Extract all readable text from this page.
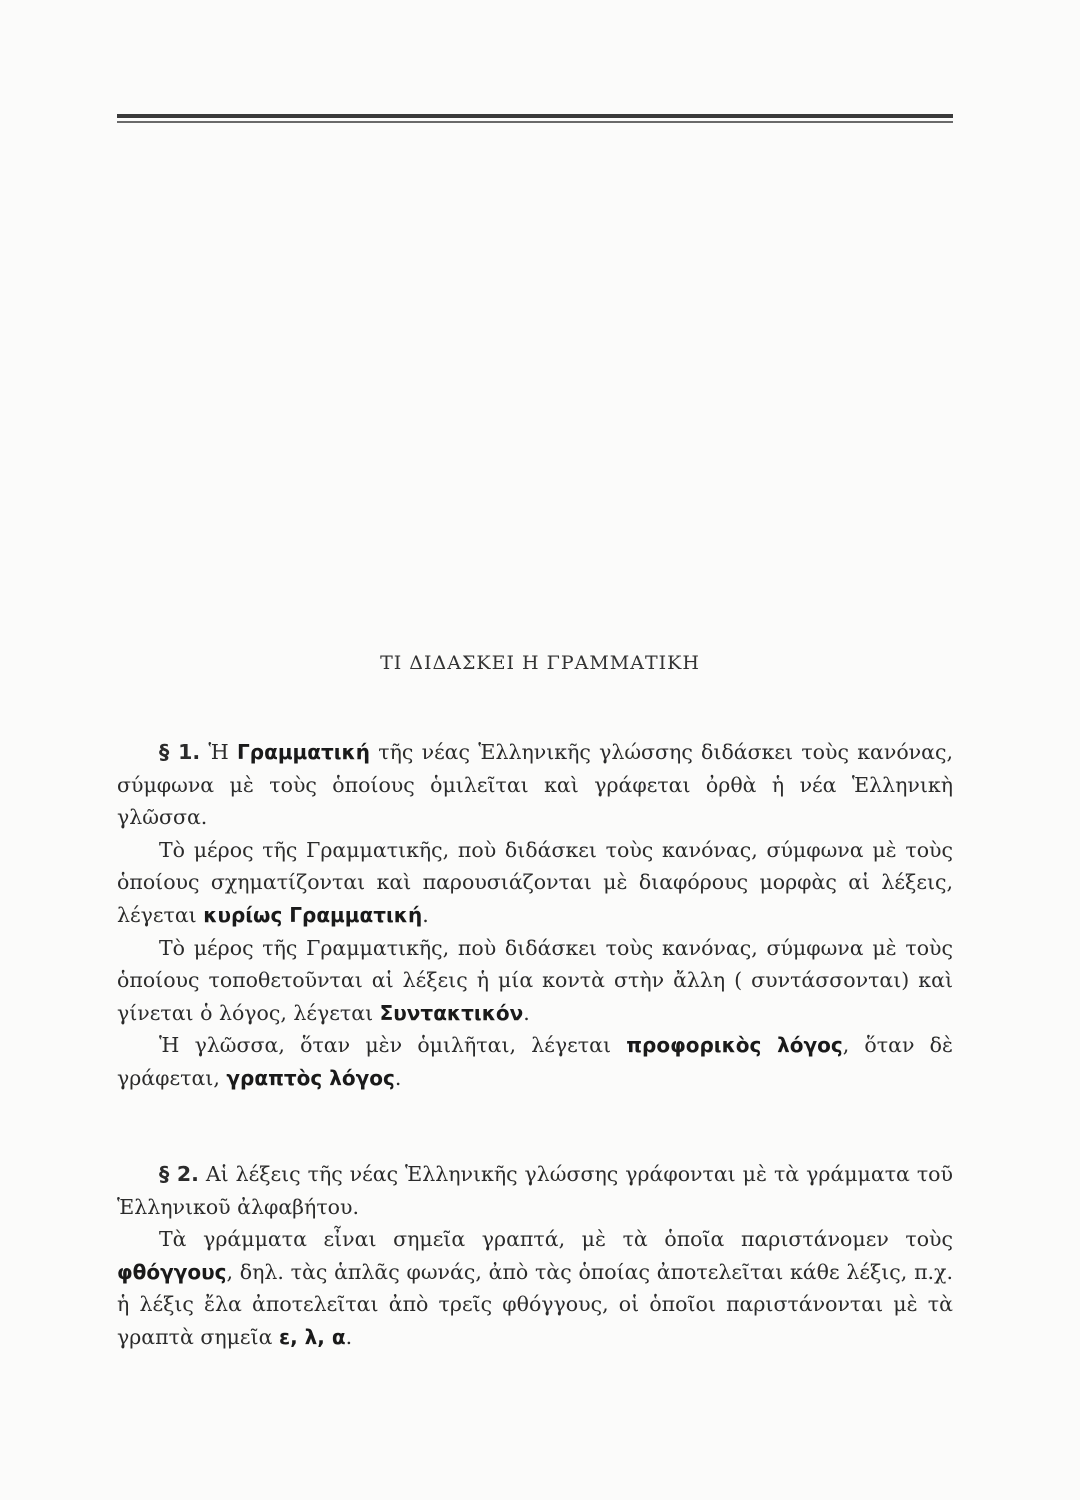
ΤΙ ΔΙΔΑΣΚΕΙ Η ΓΡΑΜΜΑΤΙΚΗ

§ 1. Ἡ Γραμματική τῆς νέας Ἑλληνικῆς γλώσσης διδάσκει τοὺς κανόνας, σύμφωνα μὲ τοὺς ὁποίους ὁμιλεῖται καὶ γράφεται ὀρθὰ ἡ νέα Ἑλληνικὴ γλῶσσα.

Τὸ μέρος τῆς Γραμματικῆς, ποὺ διδάσκει τοὺς κανόνας, σύμφωνα μὲ τοὺς ὁποίους σχηματίζονται καὶ παρουσιάζονται μὲ διαφόρους μορφὰς αἱ λέξεις, λέγεται κυρίως Γραμματική.

Τὸ μέρος τῆς Γραμματικῆς, ποὺ διδάσκει τοὺς κανόνας, σύμφωνα μὲ τοὺς ὁποίους τοποθετοῦνται αἱ λέξεις ἡ μία κοντὰ στὴν ἄλλη ( συντάσσονται) καὶ γίνεται ὁ λόγος, λέγεται Συντακτικόν.

Ἡ γλῶσσα, ὅταν μὲν ὁμιλῆται, λέγεται προφορικὸς λόγος, ὅταν δὲ γράφεται, γραπτὸς λόγος.

§ 2. Αἱ λέξεις τῆς νέας Ἑλληνικῆς γλώσσης γράφονται μὲ τὰ γράμματα τοῦ Ἑλληνικοῦ ἀλφαβήτου.

Τὰ γράμματα εἶναι σημεῖα γραπτά, μὲ τὰ ὁποῖα παριστάνομεν τοὺς φθόγγους, δηλ. τὰς ἁπλᾶς φωνάς, ἀπὸ τὰς ὁποίας ἀποτελεῖται κάθε λέξις, π.χ. ἡ λέξις ἔλα ἀποτελεῖται ἀπὸ τρεῖς φθόγγους, οἱ ὁποῖοι παριστάνονται μὲ τὰ γραπτὰ σημεῖα ε, λ, α.
